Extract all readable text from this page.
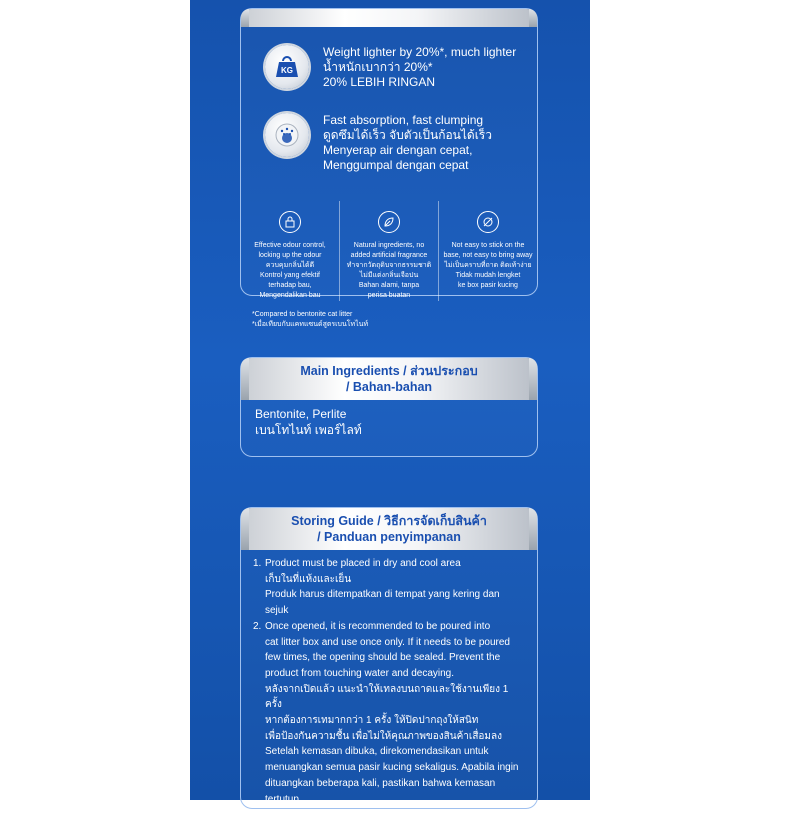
KG
Weight lighter by 20%*, much lighter
น้ำหนักเบากว่า 20%*
20% LEBIH RINGAN
Fast absorption, fast clumping
ดูดซึมได้เร็ว จับตัวเป็นก้อนได้เร็ว
Menyerap air dengan cepat,
Menggumpal dengan cepat
Effective odour control,
locking up the odour
ควบคุมกลิ่นได้ดี
Kontrol yang efektif
terhadap bau,
Mengendalikan bau
Natural ingredients, no
added artificial fragrance
ทำจากวัตถุดิบจากธรรมชาติ
ไม่มีแต่งกลิ่นเจือปน
Bahan alami, tanpa
perisa buatan
Not easy to stick on the
base, not easy to bring away
ไม่เป็นคราบที่ถาด ติดเท้าง่าย
Tidak mudah lengket
ke box pasir kucing
*Compared to bentonite cat litter
*เมื่อเทียบกับแคทแซนด์สูตรเบนโทไนท์
Main Ingredients / ส่วนประกอบ
/ Bahan-bahan
Bentonite, Perlite
เบนโทไนท์ เพอร์ไลท์
Storing Guide / วิธีการจัดเก็บสินค้า
/ Panduan penyimpanan
1. Product must be placed in dry and cool area
เก็บในที่แห้งและเย็น
Produk harus ditempatkan di tempat yang kering dan sejuk
2. Once opened, it is recommended to be poured into
cat litter box and use once only. If it needs to be poured
few times, the opening should be sealed. Prevent the
product from touching water and decaying.
หลังจากเปิดแล้ว แนะนำให้เทลงบนถาดและใช้งานเพียง 1 ครั้ง
หากต้องการเทมากกว่า 1 ครั้ง ให้ปิดปากถุงให้สนิท
เพื่อป้องกันความชื้น เพื่อไม่ให้คุณภาพของสินค้าเสื่อมลง
Setelah kemasan dibuka, direkomendasikan untuk
menuangkan semua pasir kucing sekaligus. Apabila ingin
dituangkan beberapa kali, pastikan bahwa kemasan tertutup
dengan rapat untuk menghindari kerusakan produk
